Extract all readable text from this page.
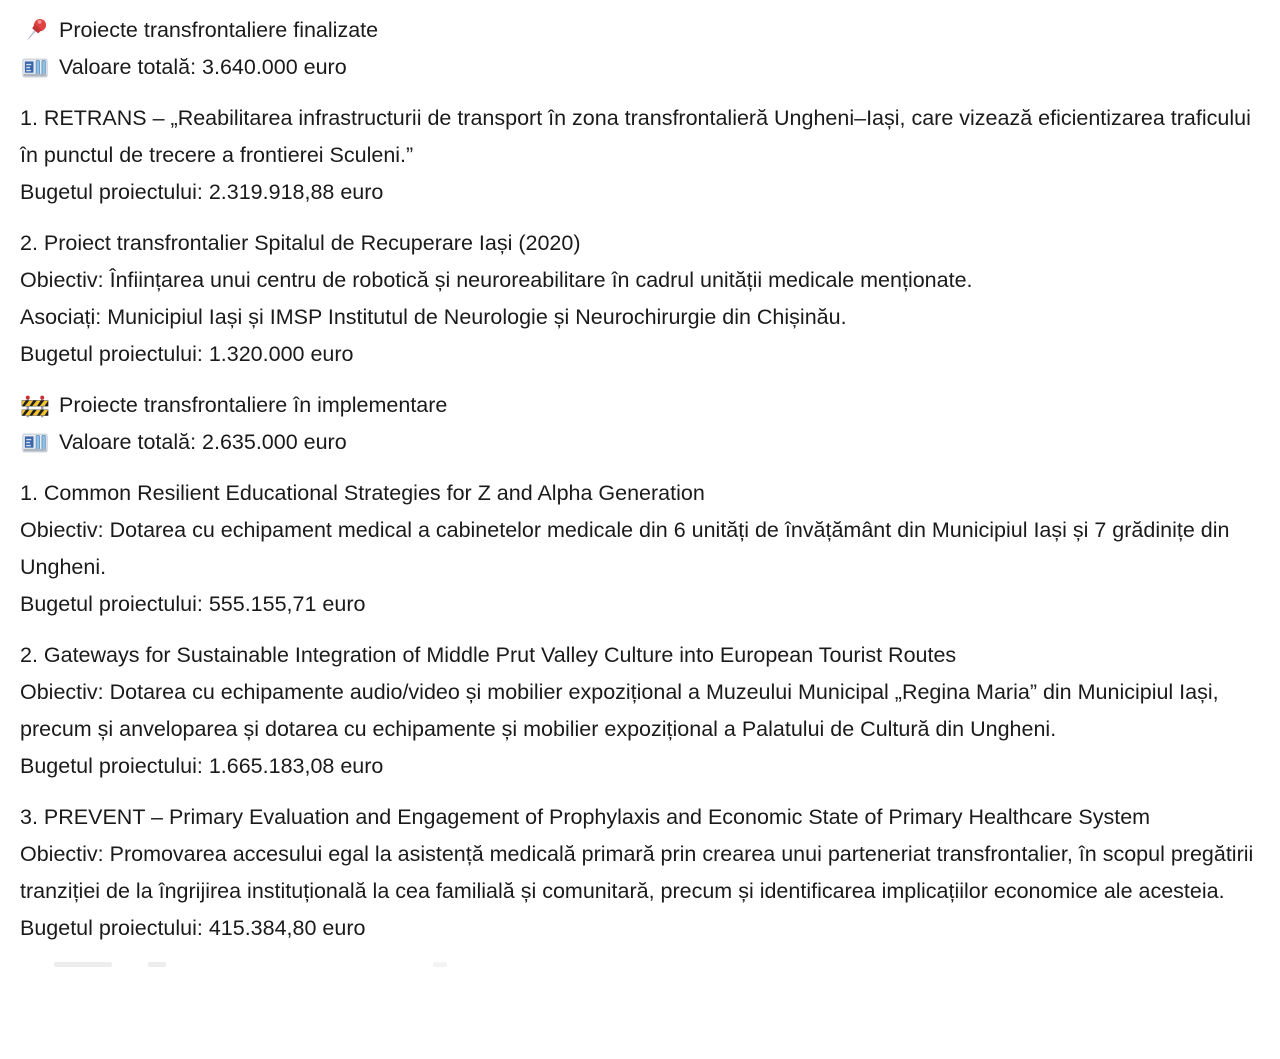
Proiecte transfrontaliere finalizate
Valoare totală: 3.640.000 euro

1. RETRANS – „Reabilitarea infrastructurii de transport în zona transfrontalieră Ungheni–Iași, care vizează eficientizarea traficului în punctul de trecere a frontierei Sculeni.”
Bugetul proiectului: 2.319.918,88 euro

2. Proiect transfrontalier Spitalul de Recuperare Iași (2020)
Obiectiv: Înființarea unui centru de robotică și neuroreabilitare în cadrul unității medicale menționate.
Asociați: Municipiul Iași și IMSP Institutul de Neurologie și Neurochirurgie din Chișinău.
Bugetul proiectului: 1.320.000 euro

Proiecte transfrontaliere în implementare
Valoare totală: 2.635.000 euro

1. Common Resilient Educational Strategies for Z and Alpha Generation
Obiectiv: Dotarea cu echipament medical a cabinetelor medicale din 6 unități de învățământ din Municipiul Iași și 7 grădinițe din Ungheni.
Bugetul proiectului: 555.155,71 euro

2. Gateways for Sustainable Integration of Middle Prut Valley Culture into European Tourist Routes
Obiectiv: Dotarea cu echipamente audio/video și mobilier expozițional a Muzeului Municipal „Regina Maria” din Municipiul Iași, precum și anveloparea și dotarea cu echipamente și mobilier expozițional a Palatului de Cultură din Ungheni.
Bugetul proiectului: 1.665.183,08 euro

3. PREVENT – Primary Evaluation and Engagement of Prophylaxis and Economic State of Primary Healthcare System
Obiectiv: Promovarea accesului egal la asistență medicală primară prin crearea unui parteneriat transfrontalier, în scopul pregătirii tranziției de la îngrijirea instituțională la cea familială și comunitară, precum și identificarea implicațiilor economice ale acesteia.
Bugetul proiectului: 415.384,80 euro
